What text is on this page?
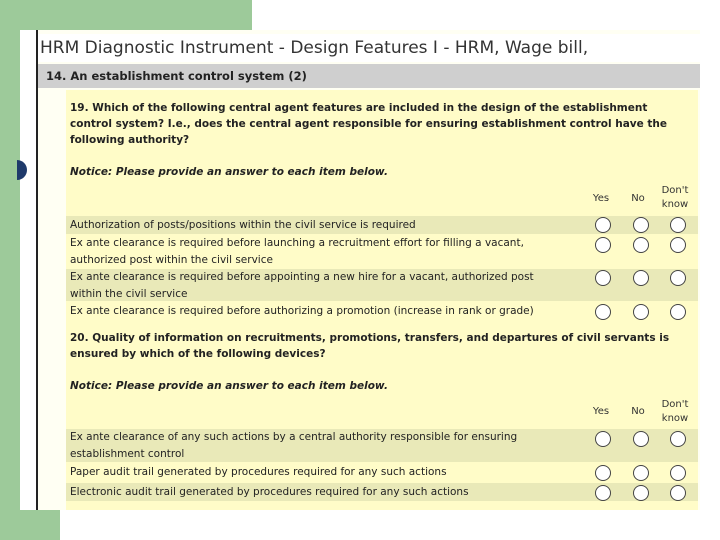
HRM Diagnostic Instrument - Design Features I - HRM, Wage bill,
14. An establishment control system (2)
19. Which of the following central agent features are included in the design of the establishment control system? I.e., does the central agent responsible for ensuring establishment control have the following authority?
Notice: Please provide an answer to each item below.
Yes	No
Don't know
Authorization of posts/positions within the civil service is required
Ex ante clearance is required before launching a recruitment effort for filling a vacant, authorized post within the civil service
Ex ante clearance is required before appointing a new hire for a vacant, authorized post within the civil service
Ex ante clearance is required before authorizing a promotion (increase in rank or grade)
20. Quality of information on recruitments, promotions, transfers, and departures of civil servants is ensured by which of the following devices?
Notice: Please provide an answer to each item below.
Yes	No
Don't know
Ex ante clearance of any such actions by a central authority responsible for ensuring establishment control
Paper audit trail generated by procedures required for any such actions
Electronic audit trail generated by procedures required for any such actions
